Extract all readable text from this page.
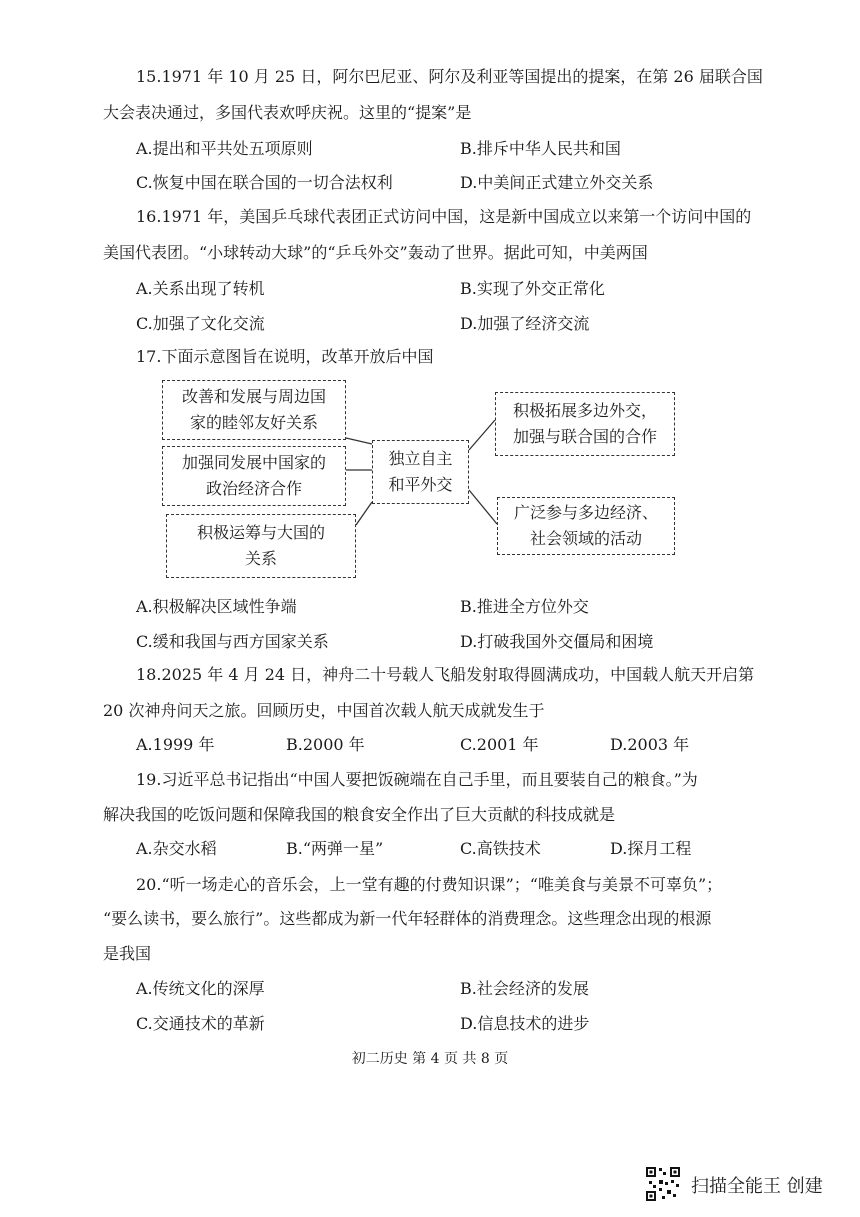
15.1971 年 10 月 25 日，阿尔巴尼亚、阿尔及利亚等国提出的提案，在第 26 届联合国
大会表决通过，多国代表欢呼庆祝。这里的“提案”是
A.提出和平共处五项原则	B.排斥中华人民共和国
C.恢复中国在联合国的一切合法权利	D.中美间正式建立外交关系
16.1971 年，美国乒乓球代表团正式访问中国，这是新中国成立以来第一个访问中国的
美国代表团。“小球转动大球”的“乒乓外交”轰动了世界。据此可知，中美两国
A.关系出现了转机	B.实现了外交正常化
C.加强了文化交流	D.加强了经济交流
17.下面示意图旨在说明，改革开放后中国
改善和发展与周边国
家的睦邻友好关系
加强同发展中国家的
政治经济合作
积极运筹与大国的
关系
独立自主
和平外交
积极拓展多边外交，
加强与联合国的合作
广泛参与多边经济、
社会领域的活动
A.积极解决区域性争端	B.推进全方位外交
C.缓和我国与西方国家关系	D.打破我国外交僵局和困境
18.2025 年 4 月 24 日，神舟二十号载人飞船发射取得圆满成功，中国载人航天开启第
20 次神舟问天之旅。回顾历史，中国首次载人航天成就发生于
A.1999 年	B.2000 年	C.2001 年	D.2003 年
19.习近平总书记指出“中国人要把饭碗端在自己手里，而且要装自己的粮食。”为
解决我国的吃饭问题和保障我国的粮食安全作出了巨大贡献的科技成就是
A.杂交水稻	B.“两弹一星”	C.高铁技术	D.探月工程
20.“听一场走心的音乐会，上一堂有趣的付费知识课”；“唯美食与美景不可辜负”；
“要么读书，要么旅行”。这些都成为新一代年轻群体的消费理念。这些理念出现的根源
是我国
A.传统文化的深厚	B.社会经济的发展
C.交通技术的革新	D.信息技术的进步
初二历史 第 4 页 共 8 页
扫描全能王 创建
